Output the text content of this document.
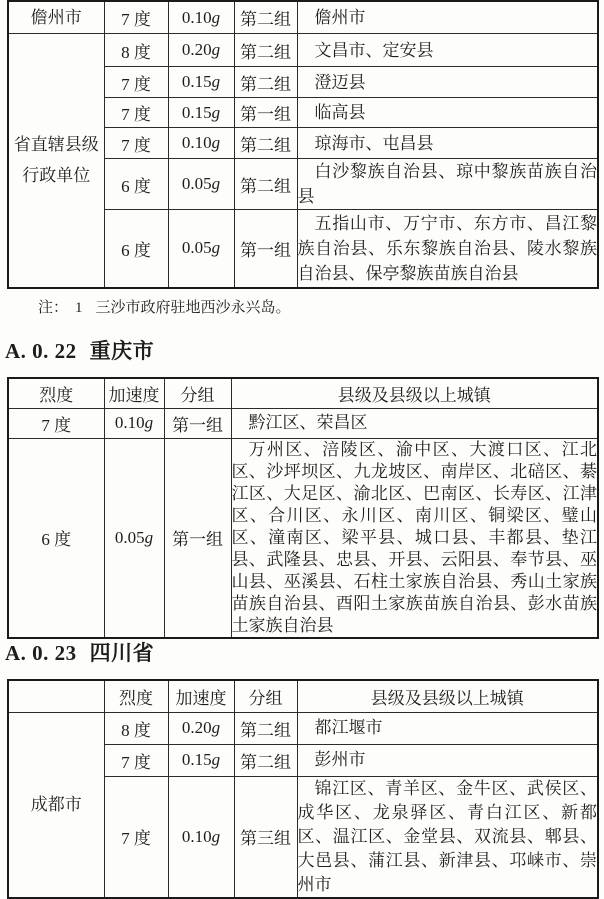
儋州市	7 度	0.10g	第二组	儋州市

省直辖县级
行政单位	8 度	0.20g	第二组	文昌市、定安县
	7 度	0.15g	第二组	澄迈县
	7 度	0.15g	第一组	临高县
	7 度	0.10g	第二组	琼海市、屯昌县
	6 度	0.05g	第二组	白沙黎族自治县、琼中黎族苗族自治县
	6 度	0.05g	第一组	五指山市、万宁市、东方市、昌江黎族自治县、乐东黎族自治县、陵水黎族自治县、保亭黎族苗族自治县
注： 1 三沙市政府驻地西沙永兴岛。
A. 0. 22 重庆市
烈度	加速度	分组	县级及县级以上城镇
7 度	0.10g	第一组	黔江区、荣昌区
6 度	0.05g	第一组	万州区、涪陵区、渝中区、大渡口区、江北区、沙坪坝区、九龙坡区、南岸区、北碚区、綦江区、大足区、渝北区、巴南区、长寿区、江津区、合川区、永川区、南川区、铜梁区、璧山区、潼南区、梁平县、城口县、丰都县、垫江县、武隆县、忠县、开县、云阳县、奉节县、巫山县、巫溪县、石柱土家族自治县、秀山土家族苗族自治县、酉阳土家族苗族自治县、彭水苗族土家族自治县
A. 0. 23 四川省
	烈度	加速度	分组	县级及县级以上城镇
成都市	8 度	0.20g	第二组	都江堰市
	7 度	0.15g	第二组	彭州市
	7 度	0.10g	第三组	锦江区、青羊区、金牛区、武侯区、成华区、龙泉驿区、青白江区、新都区、温江区、金堂县、双流县、郫县、大邑县、蒲江县、新津县、邛崃市、崇州市
